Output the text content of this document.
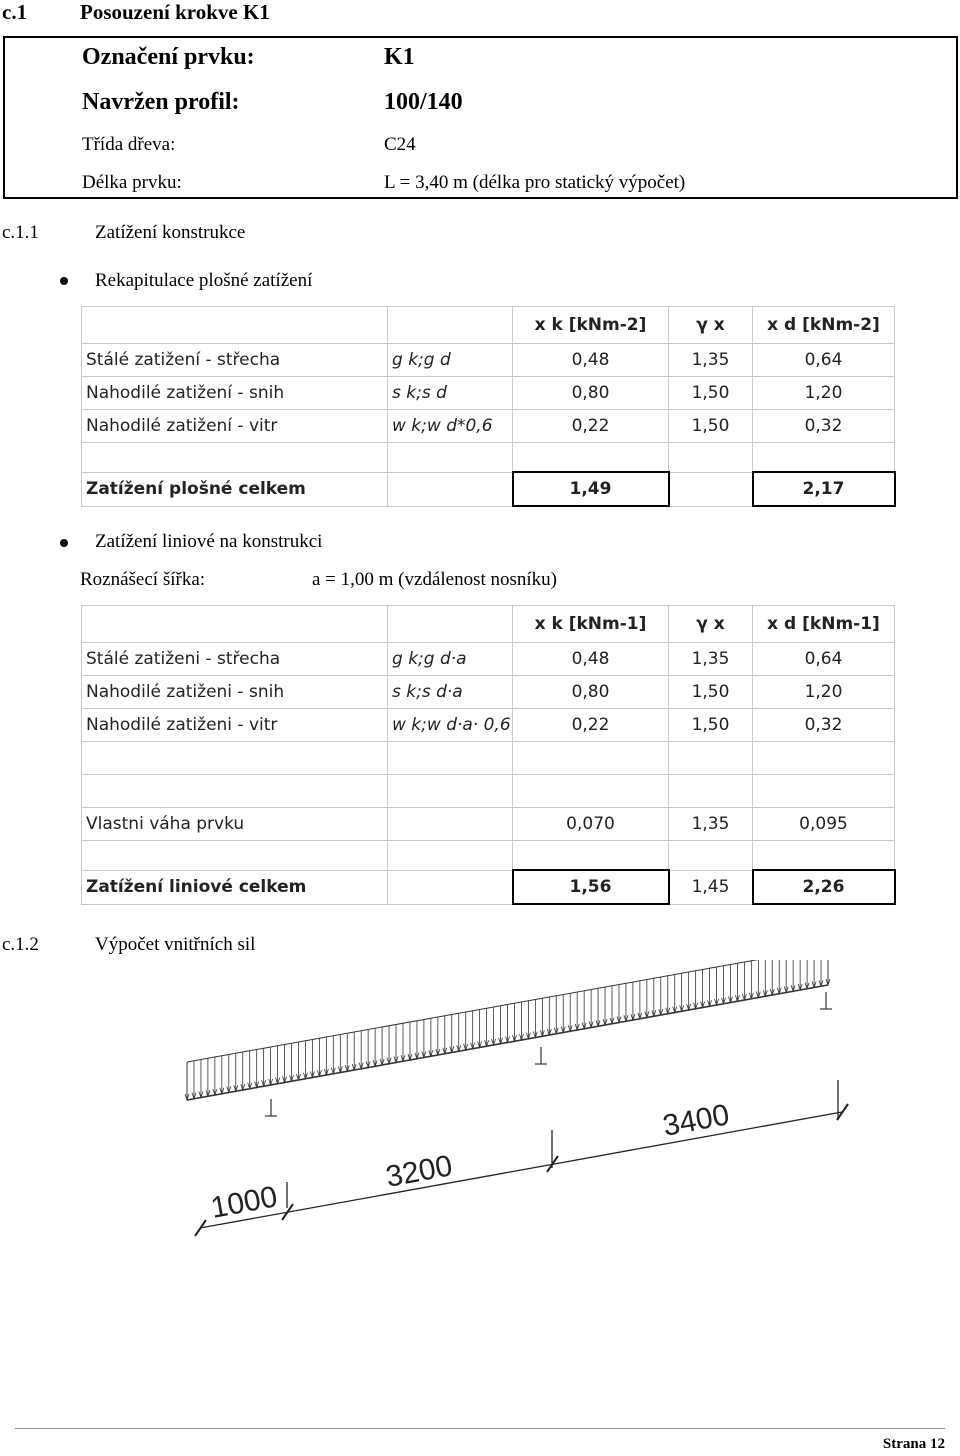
c.1	Posouzení krokve K1
Označení prvku:	K1
Navržen profil:	100/140
Třída dřeva:	C24
Délka prvku:	L = 3,40 m (délka pro statický výpočet)
c.1.1	Zatížení konstrukce
Rekapitulace plošné zatížení
		x k [kNm-2]	γ x	x d [kNm-2]
Stálé zatižení - střecha	g k;g d	0,48	1,35	0,64
Nahodilé zatižení - snih	s k;s d	0,80	1,50	1,20
Nahodilé zatižení - vitr	w k;w d*0,6	0,22	1,50	0,32

Zatížení plošné celkem		1,49		2,17
Zatížení liniové na konstrukci
Roznášecí šířka:	a = 1,00 m (vzdálenost nosníku)
		x k [kNm-1]	γ x	x d [kNm-1]
Stálé zatiženi - střecha	g k;g d·a	0,48	1,35	0,64
Nahodilé zatiženi - snih	s k;s d·a	0,80	1,50	1,20
Nahodilé zatiženi - vitr	w k;w d·a· 0,6	0,22	1,50	0,32

Vlastni váha prvku		0,070	1,35	0,095

Zatížení liniové celkem		1,56	1,45	2,26
c.1.2	Výpočet vnitřních sil
1000
3200
3400
Strana 12
